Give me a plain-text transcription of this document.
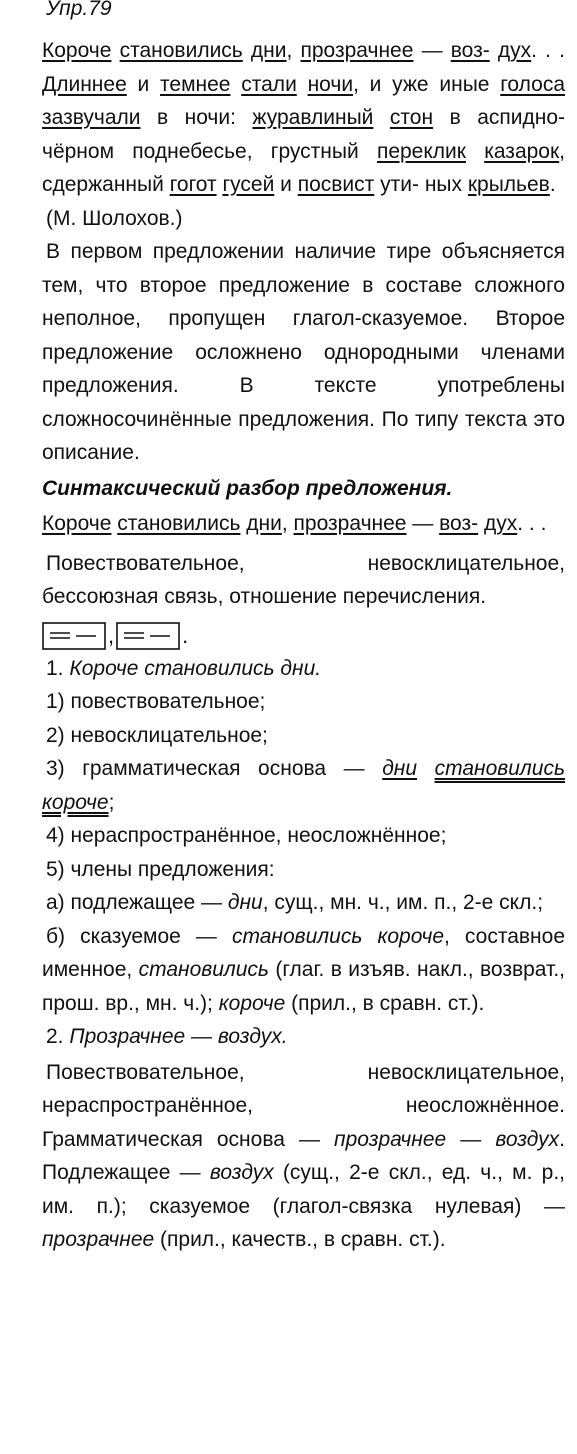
Упр.79
Короче становились дни, прозрачнее — воз- дух. . . Длиннее и темнее стали ночи, и уже иные голоса зазвучали в ночи: журавлиный стон в аспидно-чёрном поднебесье, грустный переклик казарок, сдержанный гогот гусей и посвист ути- ных крыльев.
(М. Шолохов.)
В первом предложении наличие тире объясняется тем, что второе предложение в составе сложного неполное, пропущен глагол-сказуемое. Второе предложение осложнено однородными членами предложения. В тексте употреблены сложносочинённые предложения. По типу текста это описание.
Синтаксический разбор предложения.
Короче становились дни, прозрачнее — воз- дух. . .
Повествовательное, невосклицательное, бессоюзная связь, отношение перечисления.
,	.
1. Короче становились дни.
1) повествовательное;
2) невосклицательное;
3) грамматическая основа — дни становились короче;
4) нераспространённое, неосложнённое;
5) члены предложения:
а) подлежащее — дни, сущ., мн. ч., им. п., 2-е скл.;
б) сказуемое — становились короче, составное именное, становились (глаг. в изъяв. накл., возврат., прош. вр., мн. ч.); короче (прил., в сравн. ст.).
2. Прозрачнее — воздух.
Повествовательное, невосклицательное, нераспространённое, неосложнённое. Грамматическая основа — прозрачнее — воздух. Подлежащее — воздух (сущ., 2-е скл., ед. ч., м. р., им. п.); сказуемое (глагол-связка нулевая) — прозрачнее (прил., качеств., в сравн. ст.).
